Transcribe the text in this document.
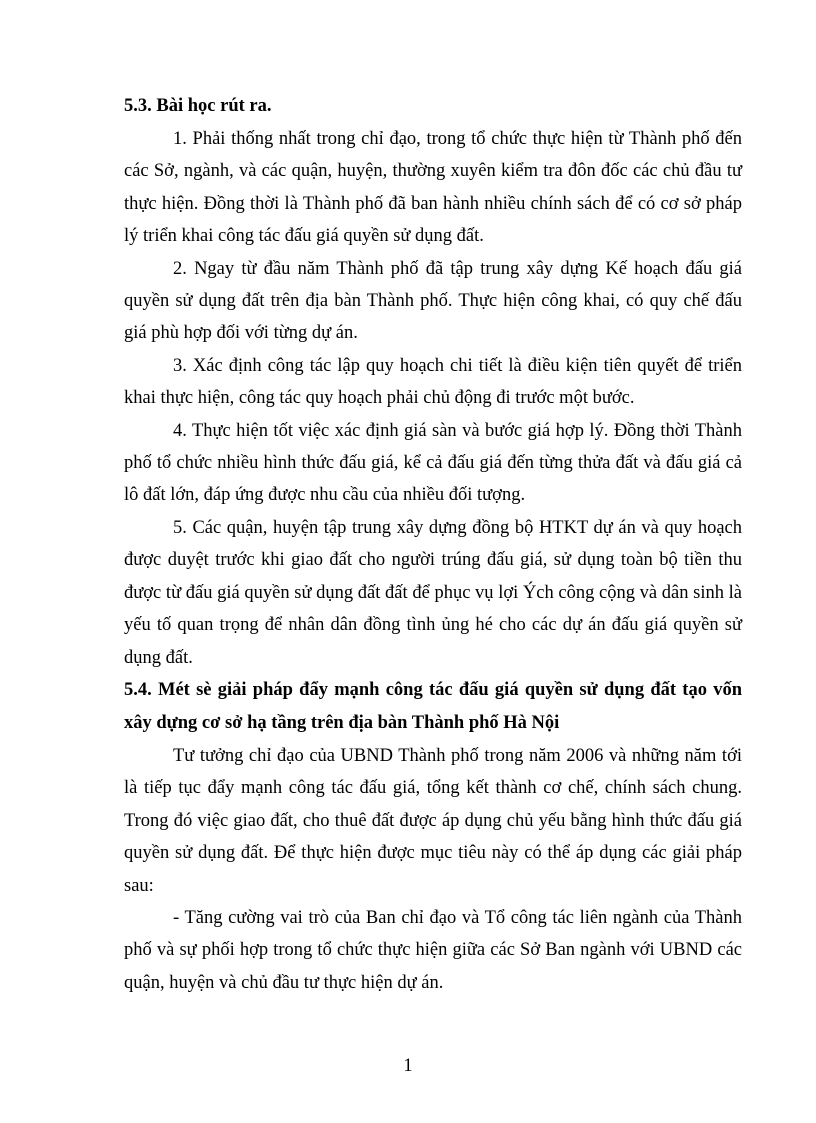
5.3. Bài học rút ra.

1. Phải thống nhất trong chỉ đạo, trong tổ chức thực hiện từ Thành phố đến các Sở, ngành, và các quận, huyện, thường xuyên kiểm tra đôn đốc các chủ đầu tư thực hiện. Đồng thời là Thành phố đã ban hành nhiều chính sách để có cơ sở pháp lý triển khai công tác đấu giá quyền sử dụng đất.

2. Ngay từ đầu năm Thành phố đã tập trung xây dựng Kế hoạch đấu giá quyền sử dụng đất trên địa bàn Thành phố. Thực hiện công khai, có quy chế đấu giá phù hợp đối với từng dự án.

3. Xác định công tác lập quy hoạch chi tiết là điều kiện tiên quyết để triển khai thực hiện, công tác quy hoạch phải chủ động đi trước một bước.

4. Thực hiện tốt việc xác định giá sàn và bước giá hợp lý. Đồng thời Thành phố tổ chức nhiều hình thức đấu giá, kể cả đấu giá đến từng thửa đất và đấu giá cả lô đất lớn, đáp ứng được nhu cầu của nhiều đối tượng.

5. Các quận, huyện tập trung xây dựng đồng bộ HTKT dự án và quy hoạch được duyệt trước khi giao đất cho người trúng đấu giá, sử dụng toàn bộ tiền thu được từ đấu giá quyền sử dụng đất đất để phục vụ lợi Ých công cộng và dân sinh là yếu tố quan trọng để nhân dân đồng tình ủng hé cho các dự án đấu giá quyền sử dụng đất.

5.4. Mét sè giải pháp đẩy mạnh công tác đấu giá quyền sử dụng đất tạo vốn xây dựng cơ sở hạ tầng trên địa bàn Thành phố Hà Nội

Tư tưởng chỉ đạo của UBND Thành phố trong năm 2006 và những năm tới là tiếp tục đẩy mạnh công tác đấu giá, tổng kết thành cơ chế, chính sách chung. Trong đó việc giao đất, cho thuê đất được áp dụng chủ yếu bằng hình thức đấu giá quyền sử dụng đất. Để thực hiện được mục tiêu này có thể áp dụng các giải pháp sau:

- Tăng cường vai trò của Ban chỉ đạo và Tổ công tác liên ngành của Thành phố và sự phối hợp trong tổ chức thực hiện giữa các Sở Ban ngành với UBND các quận, huyện và chủ đầu tư thực hiện dự án.

1
